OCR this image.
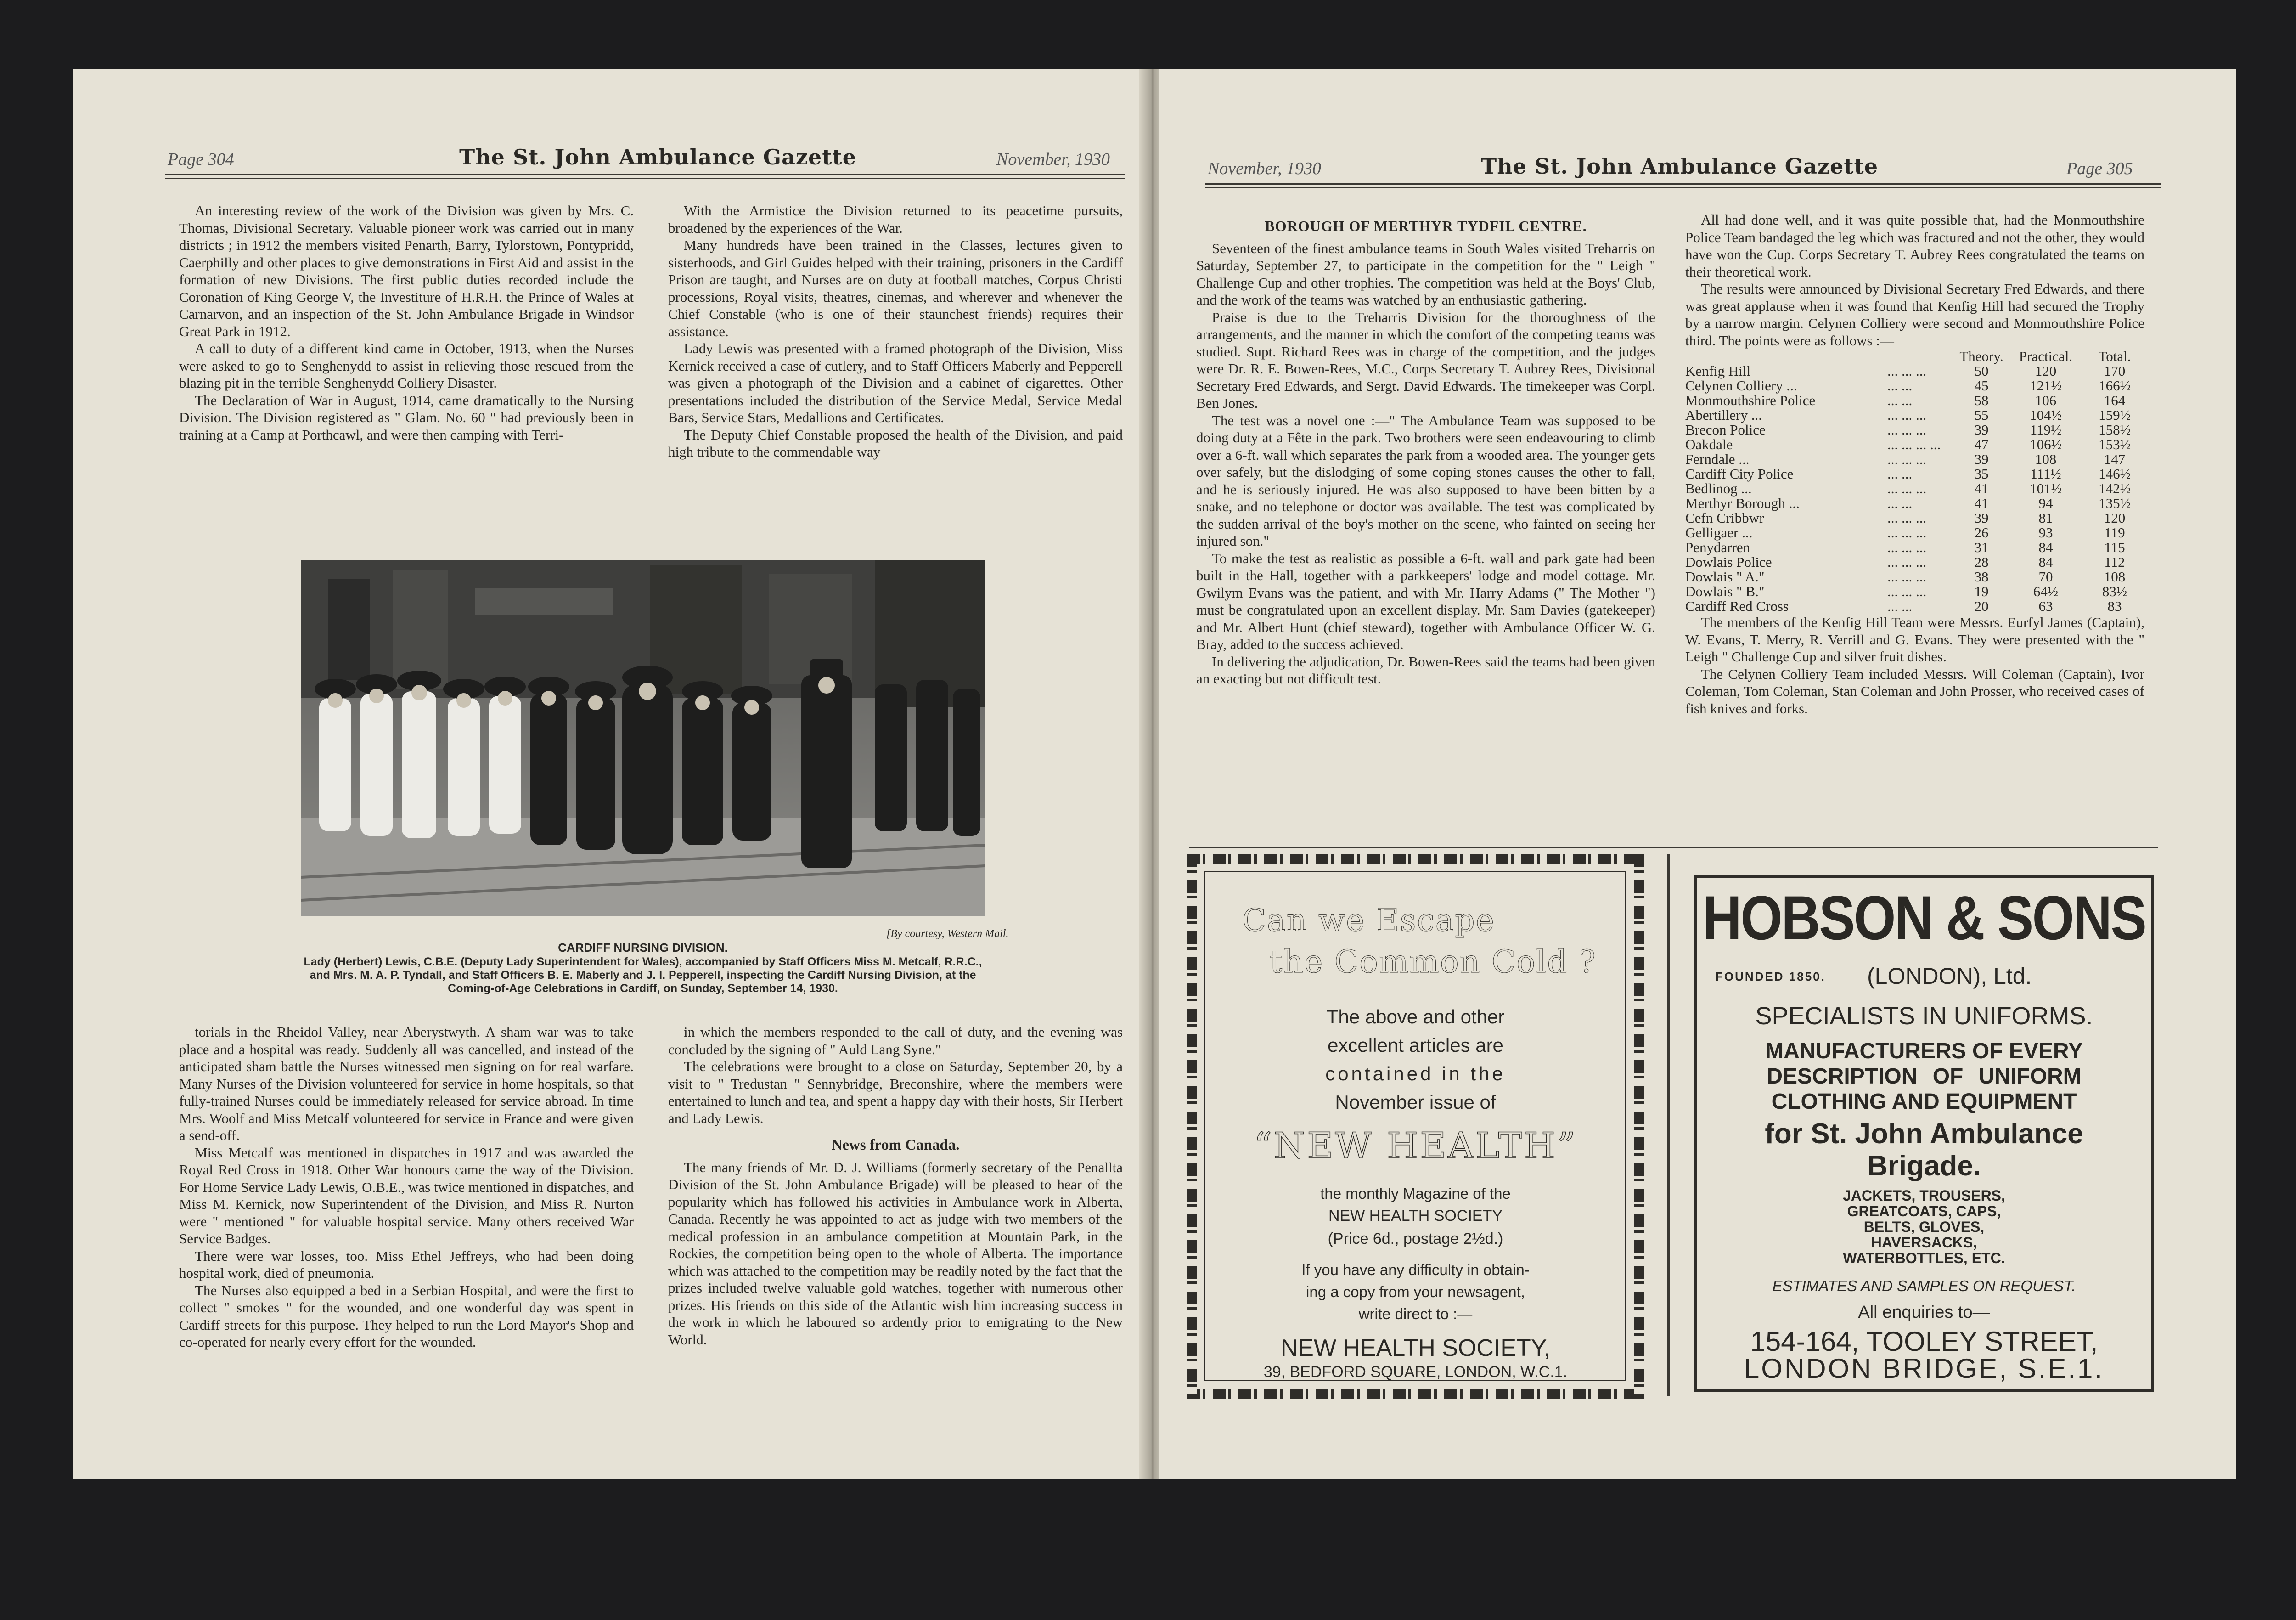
Page 304	The St. John Ambulance Gazette	November, 1930

An interesting review of the work of the Division was given by Mrs. C. Thomas, Divisional Secretary. Valuable pioneer work was carried out in many districts ; in 1912 the members visited Penarth, Barry, Tylorstown, Pontypridd, Caerphilly and other places to give demonstrations in First Aid and assist in the formation of new Divisions. The first public duties recorded include the Coronation of King George V, the Investiture of H.R.H. the Prince of Wales at Carnarvon, and an inspection of the St. John Ambulance Brigade in Windsor Great Park in 1912.

A call to duty of a different kind came in October, 1913, when the Nurses were asked to go to Senghenydd to assist in relieving those rescued from the blazing pit in the terrible Senghenydd Colliery Disaster.

The Declaration of War in August, 1914, came dramatically to the Nursing Division. The Division registered as " Glam. No. 60 " had previously been in training at a Camp at Porthcawl, and were then camping with Terri-

With the Armistice the Division returned to its peacetime pursuits, broadened by the experiences of the War.

Many hundreds have been trained in the Classes, lectures given to sisterhoods, and Girl Guides helped with their training, prisoners in the Cardiff Prison are taught, and Nurses are on duty at football matches, Corpus Christi processions, Royal visits, theatres, cinemas, and wherever and whenever the Chief Constable (who is one of their staunchest friends) requires their assistance.

Lady Lewis was presented with a framed photograph of the Division, Miss Kernick received a case of cutlery, and to Staff Officers Maberly and Pepperell was given a photograph of the Division and a cabinet of cigarettes. Other presentations included the distribution of the Service Medal, Service Medal Bars, Service Stars, Medallions and Certificates.

The Deputy Chief Constable proposed the health of the Division, and paid high tribute to the commendable way

[By courtesy, Western Mail.
CARDIFF NURSING DIVISION.
Lady (Herbert) Lewis, C.B.E. (Deputy Lady Superintendent for Wales), accompanied by Staff Officers Miss M. Metcalf, R.R.C., and Mrs. M. A. P. Tyndall, and Staff Officers B. E. Maberly and J. I. Pepperell, inspecting the Cardiff Nursing Division, at the Coming-of-Age Celebrations in Cardiff, on Sunday, September 14, 1930.

torials in the Rheidol Valley, near Aberystwyth. A sham war was to take place and a hospital was ready. Suddenly all was cancelled, and instead of the anticipated sham battle the Nurses witnessed men signing on for real warfare. Many Nurses of the Division volunteered for service in home hospitals, so that fully-trained Nurses could be immediately released for service abroad. In time Mrs. Woolf and Miss Metcalf volunteered for service in France and were given a send-off.

Miss Metcalf was mentioned in dispatches in 1917 and was awarded the Royal Red Cross in 1918. Other War honours came the way of the Division. For Home Service Lady Lewis, O.B.E., was twice mentioned in dispatches, and Miss M. Kernick, now Superintendent of the Division, and Miss R. Nurton were " mentioned " for valuable hospital service. Many others received War Service Badges.

There were war losses, too. Miss Ethel Jeffreys, who had been doing hospital work, died of pneumonia.

The Nurses also equipped a bed in a Serbian Hospital, and were the first to collect " smokes " for the wounded, and one wonderful day was spent in Cardiff streets for this purpose. They helped to run the Lord Mayor's Shop and co-operated for nearly every effort for the wounded.

in which the members responded to the call of duty, and the evening was concluded by the signing of " Auld Lang Syne."

The celebrations were brought to a close on Saturday, September 20, by a visit to " Tredustan " Sennybridge, Breconshire, where the members were entertained to lunch and tea, and spent a happy day with their hosts, Sir Herbert and Lady Lewis.

News from Canada.

The many friends of Mr. D. J. Williams (formerly secretary of the Penallta Division of the St. John Ambulance Brigade) will be pleased to hear of the popularity which has followed his activities in Ambulance work in Alberta, Canada. Recently he was appointed to act as judge with two members of the medical profession in an ambulance competition at Mountain Park, in the Rockies, the competition being open to the whole of Alberta. The importance which was attached to the competition may be readily noted by the fact that the prizes included twelve valuable gold watches, together with numerous other prizes. His friends on this side of the Atlantic wish him increasing success in the work in which he laboured so ardently prior to emigrating to the New World.

November, 1930	The St. John Ambulance Gazette	Page 305
BOROUGH OF MERTHYR TYDFIL CENTRE.

Seventeen of the finest ambulance teams in South Wales visited Treharris on Saturday, September 27, to participate in the competition for the " Leigh " Challenge Cup and other trophies. The competition was held at the Boys' Club, and the work of the teams was watched by an enthusiastic gathering.

Praise is due to the Treharris Division for the thoroughness of the arrangements, and the manner in which the comfort of the competing teams was studied. Supt. Richard Rees was in charge of the competition, and the judges were Dr. R. E. Bowen-Rees, M.C., Corps Secretary T. Aubrey Rees, Divisional Secretary Fred Edwards, and Sergt. David Edwards. The timekeeper was Corpl. Ben Jones.

The test was a novel one :—" The Ambulance Team was supposed to be doing duty at a Fête in the park. Two brothers were seen endeavouring to climb over a 6-ft. wall which separates the park from a wooded area. The younger gets over safely, but the dislodging of some coping stones causes the other to fall, and he is seriously injured. He was also supposed to have been bitten by a snake, and no telephone or doctor was available. The test was complicated by the sudden arrival of the boy's mother on the scene, who fainted on seeing her injured son."

To make the test as realistic as possible a 6-ft. wall and park gate had been built in the Hall, together with a parkkeepers' lodge and model cottage. Mr. Gwilym Evans was the patient, and with Mr. Harry Adams (" The Mother ") must be congratulated upon an excellent display. Mr. Sam Davies (gatekeeper) and Mr. Albert Hunt (chief steward), together with Ambulance Officer W. G. Bray, added to the success achieved.

In delivering the adjudication, Dr. Bowen-Rees said the teams had been given an exacting but not difficult test.

All had done well, and it was quite possible that, had the Monmouthshire Police Team bandaged the leg which was fractured and not the other, they would have won the Cup. Corps Secretary T. Aubrey Rees congratulated the teams on their theoretical work.

The results were announced by Divisional Secretary Fred Edwards, and there was great applause when it was found that Kenfig Hill had secured the Trophy by a narrow margin. Celynen Colliery were second and Monmouthshire Police third. The points were as follows :—

		Theory.	Practical.	Total.
Kenfig Hill	... ... ...	50	120	170
Celynen Colliery ...	... ...	45	121½	166½
Monmouthshire Police	... ...	58	106	164
Abertillery ...	... ... ...	55	104½	159½
Brecon Police	... ... ...	39	119½	158½
Oakdale	... ... ... ...	47	106½	153½
Ferndale ...	... ... ...	39	108	147
Cardiff City Police	... ...	35	111½	146½
Bedlinog ...	... ... ...	41	101½	142½
Merthyr Borough ...	... ...	41	94	135½
Cefn Cribbwr	... ... ...	39	81	120
Gelligaer ...	... ... ...	26	93	119
Penydarren	... ... ...	31	84	115
Dowlais Police	... ... ...	28	84	112
Dowlais " A."	... ... ...	38	70	108
Dowlais " B."	... ... ...	19	64½	83½
Cardiff Red Cross	... ...	20	63	83

The members of the Kenfig Hill Team were Messrs. Eurfyl James (Captain), W. Evans, T. Merry, R. Verrill and G. Evans. They were presented with the " Leigh " Challenge Cup and silver fruit dishes.

The Celynen Colliery Team included Messrs. Will Coleman (Captain), Ivor Coleman, Tom Coleman, Stan Coleman and John Prosser, who received cases of fish knives and forks.

Can we Escape
the Common Cold ?
The above and other
excellent articles are
contained in the
November issue of
“NEW HEALTH”
the monthly Magazine of the
NEW HEALTH SOCIETY
(Price 6d., postage 2½d.)
If you have any difficulty in obtain-
ing a copy from your newsagent,
write direct to :—
NEW HEALTH SOCIETY,
39, BEDFORD SQUARE, LONDON, W.C.1.
HOBSON & SONS
FOUNDED 1850. (LONDON), Ltd.
SPECIALISTS IN UNIFORMS.
MANUFACTURERS OF EVERY
DESCRIPTION OF UNIFORM
CLOTHING AND EQUIPMENT
for St. John Ambulance
Brigade.
JACKETS, TROUSERS,
GREATCOATS, CAPS,
BELTS, GLOVES,
HAVERSACKS,
WATERBOTTLES, ETC.
ESTIMATES AND SAMPLES ON REQUEST.
All enquiries to—
154-164, TOOLEY STREET,
LONDON BRIDGE, S.E.1.
